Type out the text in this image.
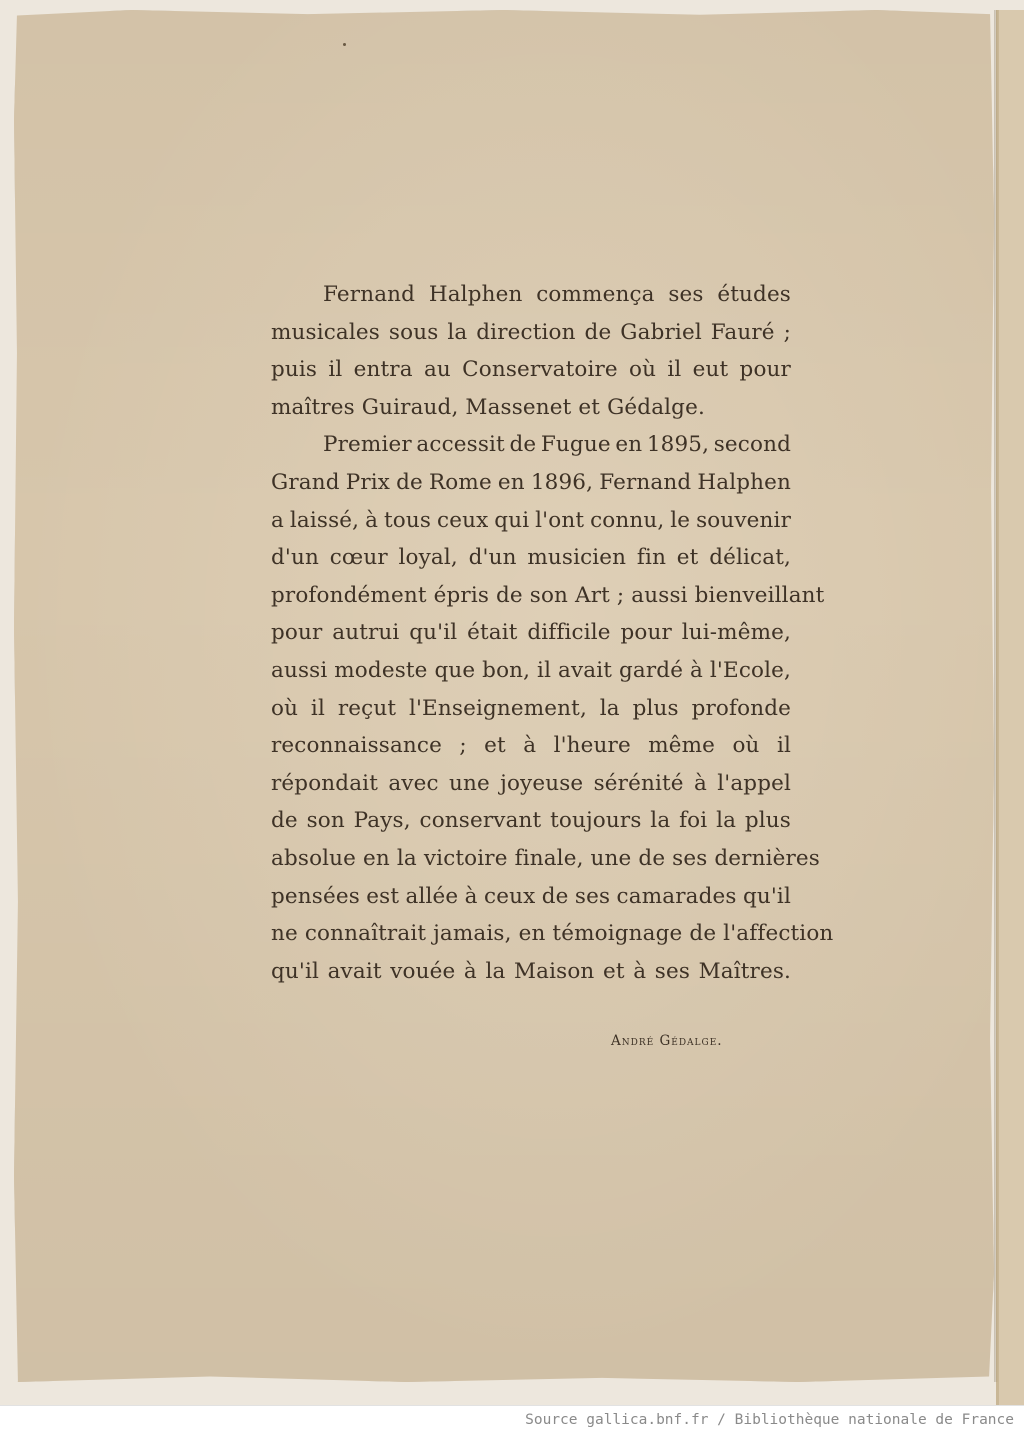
Fernand Halphen commença ses études
musicales sous la direction de Gabriel Fauré ;
puis il entra au Conservatoire où il eut pour
maîtres Guiraud, Massenet et Gédalge.
Premier accessit de Fugue en 1895, second
Grand Prix de Rome en 1896, Fernand Halphen
a laissé, à tous ceux qui l'ont connu, le souvenir
d'un cœur loyal, d'un musicien fin et délicat,
profondément épris de son Art ; aussi bienveillant
pour autrui qu'il était difficile pour lui-même,
aussi modeste que bon, il avait gardé à l'Ecole,
où il reçut l'Enseignement, la plus profonde
reconnaissance ; et à l'heure même où il
répondait avec une joyeuse sérénité à l'appel
de son Pays, conservant toujours la foi la plus
absolue en la victoire finale, une de ses dernières
pensées est allée à ceux de ses camarades qu'il
ne connaîtrait jamais, en témoignage de l'affection
qu'il avait vouée à la Maison et à ses Maîtres.
André Gédalge.
Source gallica.bnf.fr / Bibliothèque nationale de France
